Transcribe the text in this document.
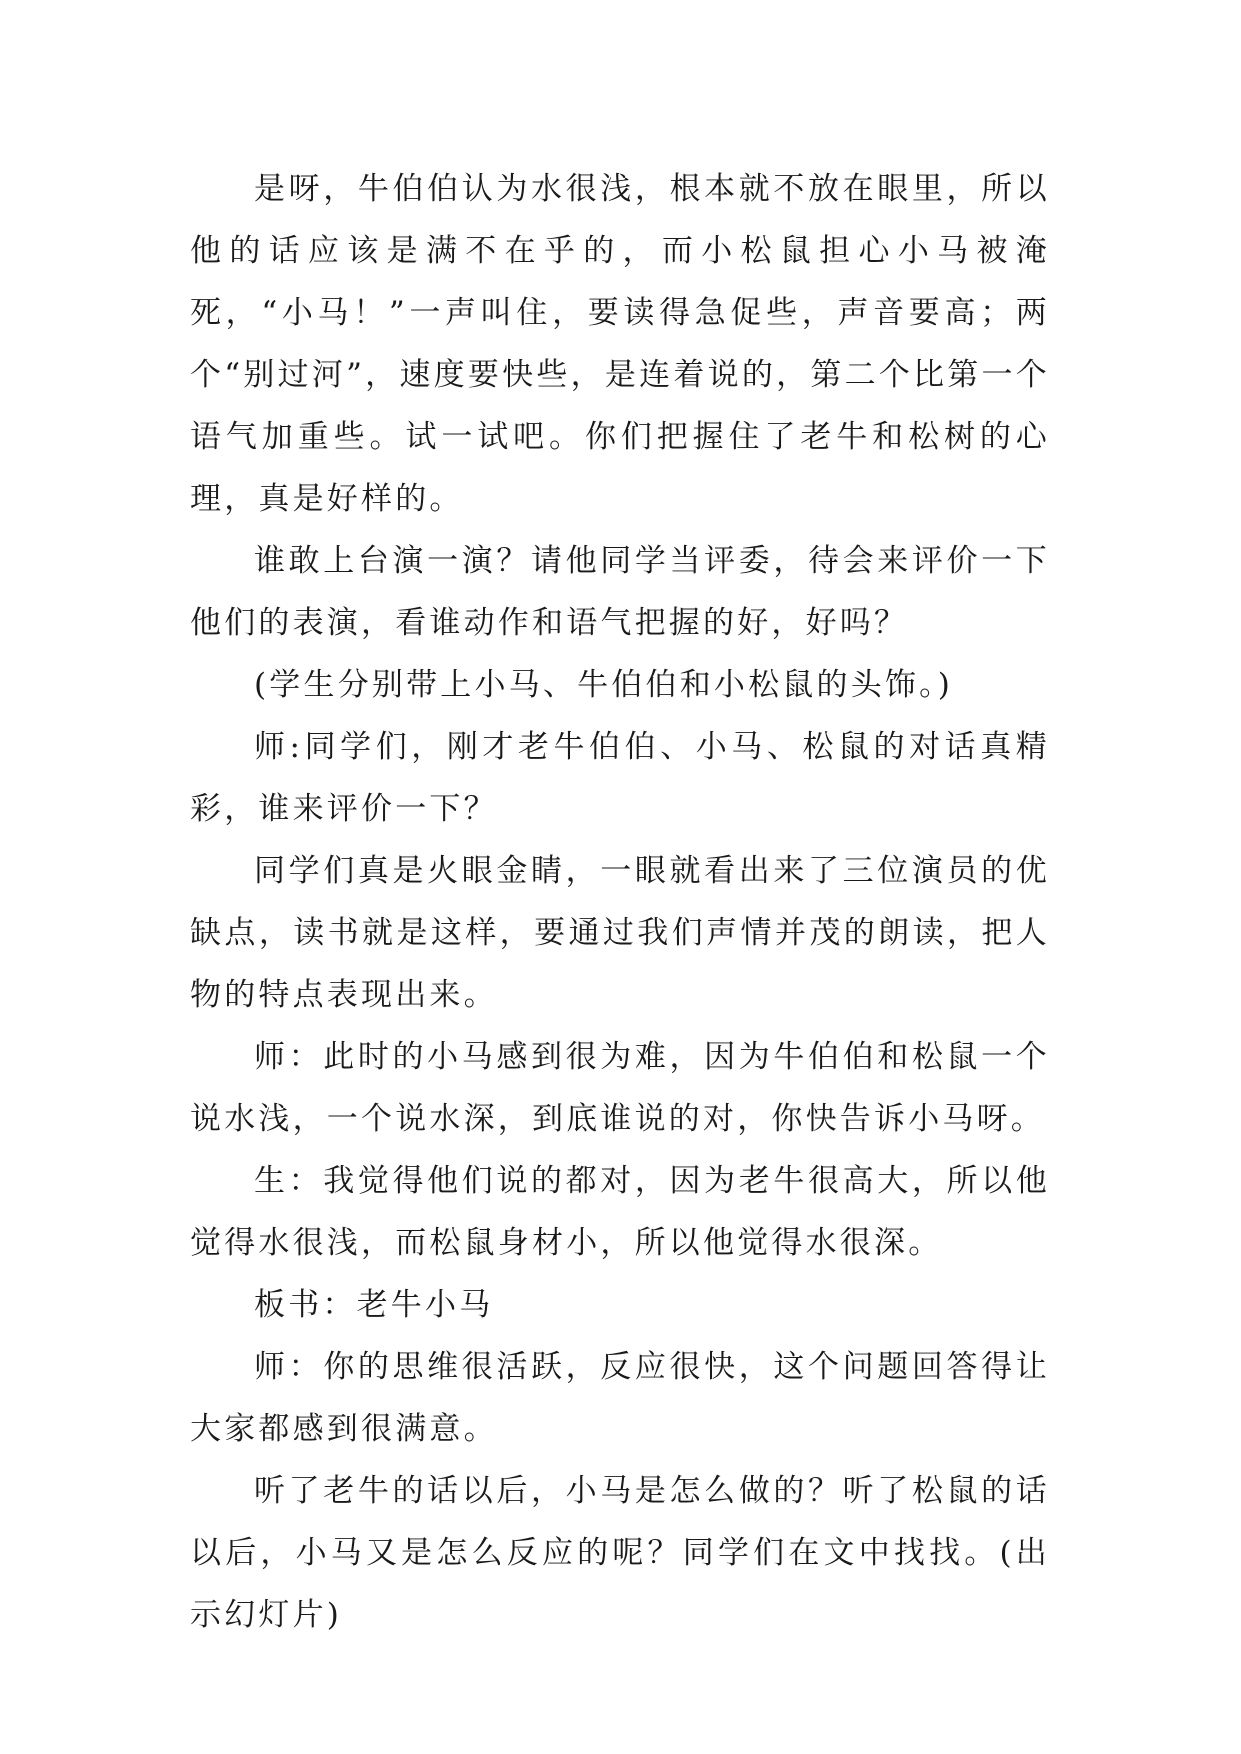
是呀，牛伯伯认为水很浅，根本就不放在眼里，所以他的话应该是满不在乎的，而小松鼠担心小马被淹死，“小马！”一声叫住，要读得急促些，声音要高；两个“别过河”，速度要快些，是连着说的，第二个比第一个语气加重些。试一试吧。你们把握住了老牛和松树的心理，真是好样的。

谁敢上台演一演？请他同学当评委，待会来评价一下他们的表演，看谁动作和语气把握的好，好吗？

(学生分别带上小马、牛伯伯和小松鼠的头饰。)

师:同学们，刚才老牛伯伯、小马、松鼠的对话真精彩，谁来评价一下？

同学们真是火眼金睛，一眼就看出来了三位演员的优缺点，读书就是这样，要通过我们声情并茂的朗读，把人物的特点表现出来。

师：此时的小马感到很为难，因为牛伯伯和松鼠一个说水浅，一个说水深，到底谁说的对，你快告诉小马呀。

生：我觉得他们说的都对，因为老牛很高大，所以他觉得水很浅，而松鼠身材小，所以他觉得水很深。

板书：老牛小马

师：你的思维很活跃，反应很快，这个问题回答得让大家都感到很满意。

听了老牛的话以后，小马是怎么做的？听了松鼠的话以后，小马又是怎么反应的呢？同学们在文中找找。(出示幻灯片)
